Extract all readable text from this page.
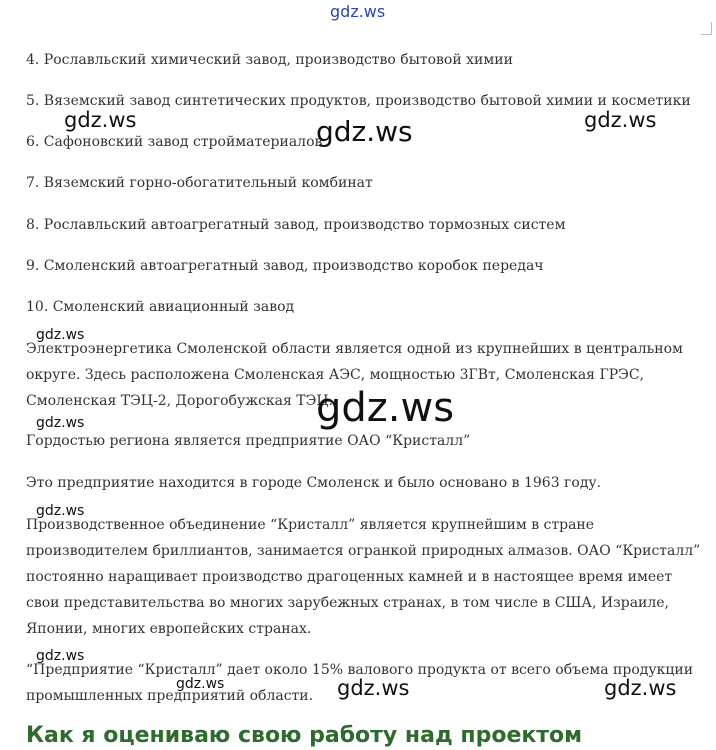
gdz.ws

4. Рославльский химический завод, производство бытовой химии

5. Вяземский завод синтетических продуктов, производство бытовой химии и косметики

6. Сафоновский завод стройматериалов

7. Вяземский горно-обогатительный комбинат

8. Рославльский автоагрегатный завод, производство тормозных систем

9. Смоленский автоагрегатный завод, производство коробок передач

10. Смоленский авиационный завод

Электроэнергетика Смоленской области является одной из крупнейших в центральном

округе. Здесь расположена Смоленская АЭС, мощностью 3ГВт, Смоленская ГРЭС,

Смоленская ТЭЦ-2, Дорогобужская ТЭЦ.

Гордостью региона является предприятие ОАО “Кристалл”

Это предприятие находится в городе Смоленск и было основано в 1963 году.

Производственное объединение “Кристалл” является крупнейшим в стране

производителем бриллиантов, занимается огранкой природных алмазов. ОАО “Кристалл”

постоянно наращивает производство драгоценных камней и в настоящее время имеет

свои представительства во многих зарубежных странах, в том числе в США, Израиле,

Японии, многих европейских странах.

“Предприятие “Кристалл” дает около 15% валового продукта от всего объема продукции

промышленных предприятий области.

Как я оцениваю свою работу над проектом

gdz.ws	gdz.ws	gdz.ws
gdz.ws
gdz.ws
gdz.ws
gdz.ws
gdz.ws
gdz.ws	gdz.ws	gdz.ws
